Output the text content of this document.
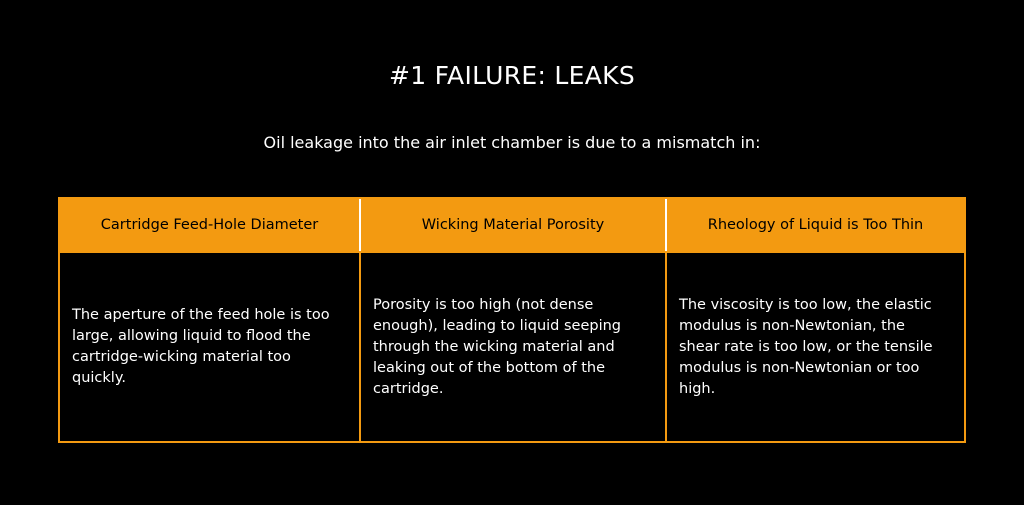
#1 FAILURE: LEAKS

Oil leakage into the air inlet chamber is due to a mismatch in:

Cartridge Feed-Hole Diameter	Wicking Material Porosity	Rheology of Liquid is Too Thin
The aperture of the feed hole is too large, allowing liquid to flood the cartridge-wicking material too quickly.
Porosity is too high (not dense enough), leading to liquid seeping through the wicking material and leaking out of the bottom of the cartridge.
The viscosity is too low, the elastic modulus is non-Newtonian, the shear rate is too low, or the tensile modulus is non-Newtonian or too high.
